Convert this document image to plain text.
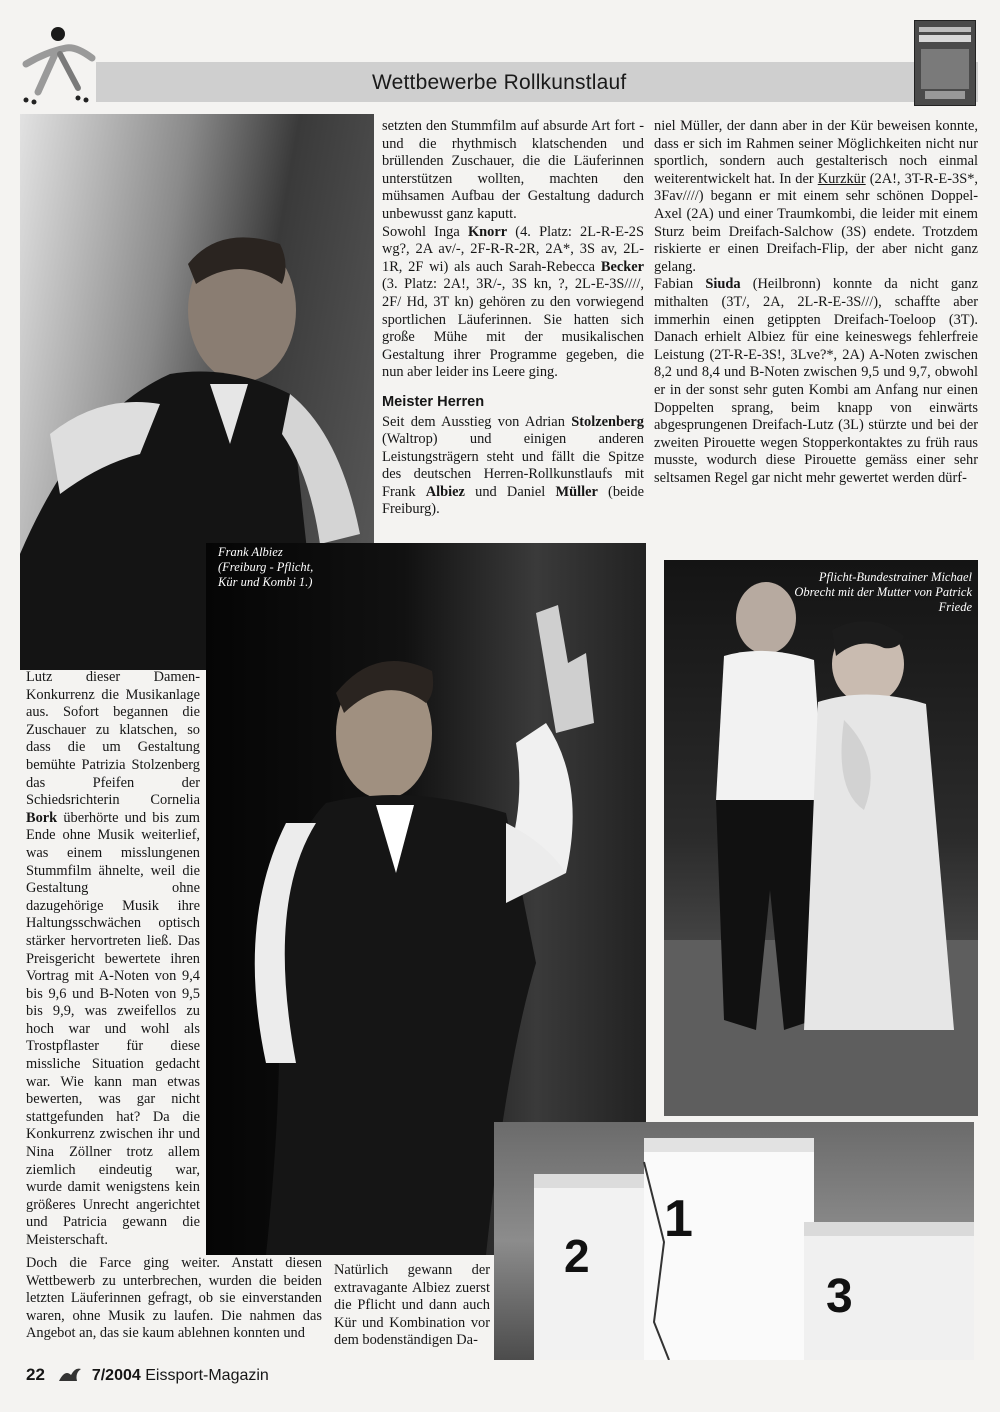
Wettbewerbe Rollkunstlauf
Frank Albiez (Freiburg - Pflicht, Kür und Kombi 1.)	Pflicht-Bundestrainer Michael Obrecht mit der Mutter von Patrick Friede
2
1
3

setzten den Stummfilm auf absurde Art fort - und die rhythmisch klatschenden und brüllenden Zuschauer, die die Läuferinnen unterstützen wollten, machten den mühsamen Aufbau der Gestaltung dadurch unbewusst ganz kaputt.

Sowohl Inga Knorr (4. Platz: 2L-R-E-2S wg?, 2A av/-, 2F-R-R-2R, 2A*, 3S av, 2L-1R, 2F wi) als auch Sarah-Rebecca Becker (3. Platz: 2A!, 3R/-, 3S kn, ?, 2L-E-3S////, 2F/ Hd, 3T kn) gehören zu den vorwiegend sportlichen Läuferinnen. Sie hatten sich große Mühe mit der musikalischen Gestaltung ihrer Programme gegeben, die nun aber leider ins Leere ging.

Meister Herren

Seit dem Ausstieg von Adrian Stolzenberg (Waltrop) und einigen anderen Leistungsträgern steht und fällt die Spitze des deutschen Herren-Rollkunstlaufs mit Frank Albiez und Daniel Müller (beide Freiburg).

niel Müller, der dann aber in der Kür beweisen konnte, dass er sich im Rahmen seiner Möglichkeiten nicht nur sportlich, sondern auch gestalterisch noch einmal weiterentwickelt hat. In der Kurzkür (2A!, 3T-R-E-3S*, 3Fav////) begann er mit einem sehr schönen Doppel-Axel (2A) und einer Traumkombi, die leider mit einem Sturz beim Dreifach-Salchow (3S) endete. Trotzdem riskierte er einen Dreifach-Flip, der aber nicht ganz gelang.

Fabian Siuda (Heilbronn) konnte da nicht ganz mithalten (3T/, 2A, 2L-R-E-3S///), schaffte aber immerhin einen getippten Dreifach-Toeloop (3T). Danach erhielt Albiez für eine keineswegs fehlerfreie Leistung (2T-R-E-3S!, 3Lve?*, 2A) A-Noten zwischen 8,2 und 8,4 und B-Noten zwischen 9,5 und 9,7, obwohl er in der sonst sehr guten Kombi am Anfang nur einen Doppelten sprang, beim knapp von einwärts abgesprungenen Dreifach-Lutz (3L) stürzte und bei der zweiten Pirouette wegen Stopperkontaktes zu früh raus musste, wodurch diese Pirouette gemäss einer sehr seltsamen Regel gar nicht mehr gewertet werden dürf-

Lutz dieser Damen-Konkurrenz die Musikanlage aus. Sofort begannen die Zuschauer zu klatschen, so dass die um Gestaltung bemühte Patrizia Stolzenberg das Pfeifen der Schiedsrichterin Cornelia Bork überhörte und bis zum Ende ohne Musik weiterlief, was einem misslungenen Stummfilm ähnelte, weil die Gestaltung ohne dazugehörige Musik ihre Haltungsschwächen optisch stärker hervortreten ließ. Das Preisgericht bewertete ihren Vortrag mit A-Noten von 9,4 bis 9,6 und B-Noten von 9,5 bis 9,9, was zweifellos zu hoch war und wohl als Trostpflaster für diese missliche Situation gedacht war. Wie kann man etwas bewerten, was gar nicht stattgefunden hat? Da die Konkurrenz zwischen ihr und Nina Zöllner trotz allem ziemlich eindeutig war, wurde damit wenigstens kein größeres Unrecht angerichtet und Patricia gewann die Meisterschaft.

Doch die Farce ging weiter. Anstatt diesen Wettbewerb zu unterbrechen, wurden die beiden letzten Läuferinnen gefragt, ob sie einverstanden waren, ohne Musik zu laufen. Die nahmen das Angebot an, das sie kaum ablehnen konnten und

Natürlich gewann der extravagante Albiez zuerst die Pflicht und dann auch Kür und Kombination vor dem bodenständigen Da-

22	7/2004 Eissport-Magazin
